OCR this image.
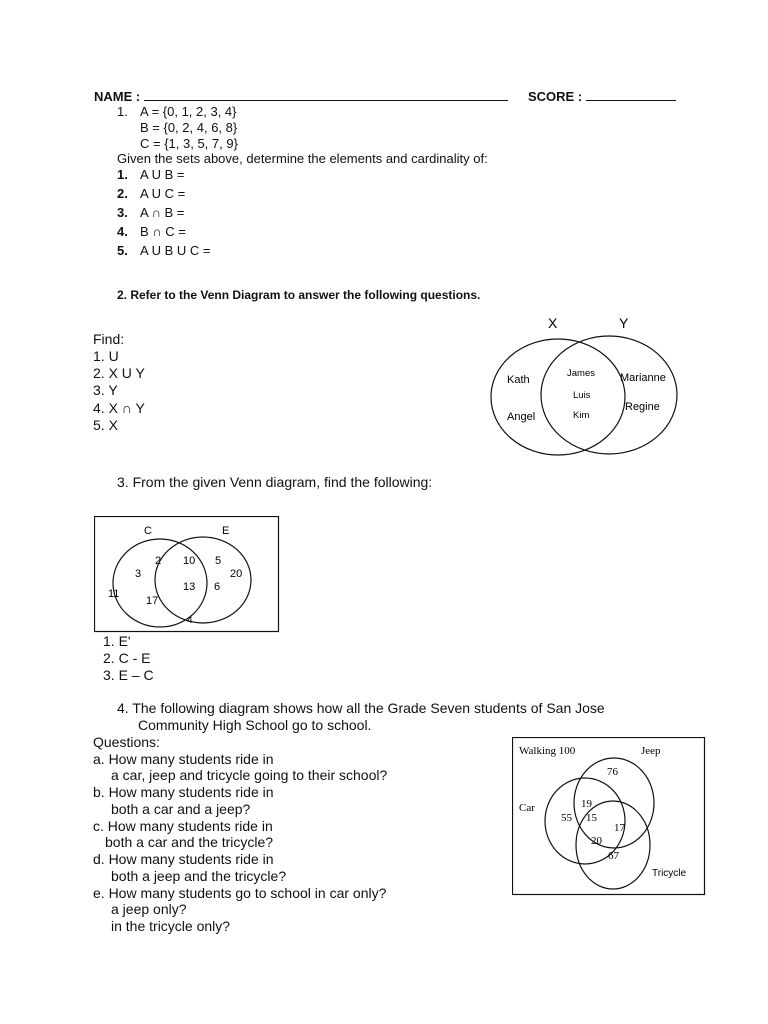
NAME :	SCORE :
1. A = {0, 1, 2, 3, 4}
B = {0, 2, 4, 6, 8}
C = {1, 3, 5, 7, 9}
Given the sets above, determine the elements and cardinality of:
1. A U B =
2. A U C =
3. A ∩ B =
4. B ∩ C =
5. A U B U C =
2. Refer to the Venn Diagram to answer the following questions.
Find:
1. U
2. X U Y
3. Y
4. X ∩ Y
5. X
X	Y
Kath
Angel
James
Luis
Kim
Marianne
Regine
3. From the given Venn diagram, find the following:
C	E
2
3
17
10
13
5
20
6
11
4
1. E'
2. C - E
3. E – C
4. The following diagram shows how all the Grade Seven students of San Jose
Community High School go to school.
Questions:
a. How many students ride in
a car, jeep and tricycle going to their school?
b. How many students ride in
both a car and a jeep?
c. How many students ride in
both a car and the tricycle?
d. How many students ride in
both a jeep and the tricycle?
e. How many students go to school in car only?
a jeep only?
in the tricycle only?
Walking 100	Jeep
Car
Tricycle
76
55
19
15
17
20
67
